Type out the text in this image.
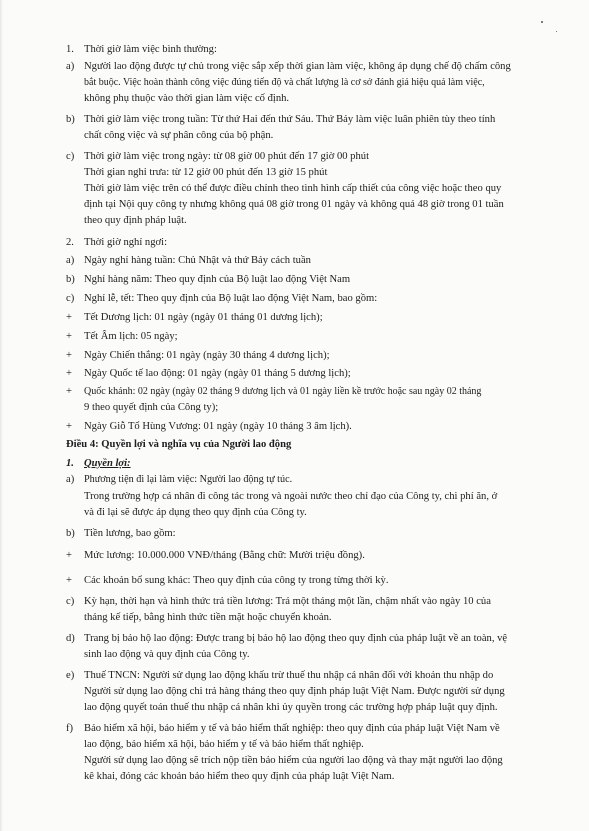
1. Thời giờ làm việc bình thường:
a) Người lao động được tự chủ trong việc sắp xếp thời gian làm việc, không áp dụng chế độ chấm công
bắt buộc. Việc hoàn thành công việc đúng tiến độ và chất lượng là cơ sở đánh giá hiệu quả làm việc,
không phụ thuộc vào thời gian làm việc cố định.
b) Thời giờ làm việc trong tuần: Từ thứ Hai đến thứ Sáu. Thứ Bảy làm việc luân phiên tùy theo tính
chất công việc và sự phân công của bộ phận.
c) Thời giờ làm việc trong ngày: từ 08 giờ 00 phút đến 17 giờ 00 phút
Thời gian nghỉ trưa: từ 12 giờ 00 phút đến 13 giờ 15 phút
Thời giờ làm việc trên có thể được điều chỉnh theo tình hình cấp thiết của công việc hoặc theo quy
định tại Nội quy công ty nhưng không quá 08 giờ trong 01 ngày và không quá 48 giờ trong 01 tuần
theo quy định pháp luật.
2. Thời giờ nghỉ ngơi:
a) Ngày nghỉ hàng tuần: Chủ Nhật và thứ Bảy cách tuần
b) Nghỉ hàng năm: Theo quy định của Bộ luật lao động Việt Nam
c) Nghỉ lễ, tết: Theo quy định của Bộ luật lao động Việt Nam, bao gồm:
+ Tết Dương lịch: 01 ngày (ngày 01 tháng 01 dương lịch);
+ Tết Âm lịch: 05 ngày;
+ Ngày Chiến thắng: 01 ngày (ngày 30 tháng 4 dương lịch);
+ Ngày Quốc tế lao động: 01 ngày (ngày 01 tháng 5 dương lịch);
+ Quốc khánh: 02 ngày (ngày 02 tháng 9 dương lịch và 01 ngày liền kề trước hoặc sau ngày 02 tháng
9 theo quyết định của Công ty);
+ Ngày Giỗ Tổ Hùng Vương: 01 ngày (ngày 10 tháng 3 âm lịch).
Điều 4: Quyền lợi và nghĩa vụ của Người lao động
1. Quyền lợi:
a) Phương tiện đi lại làm việc: Người lao động tự túc.
Trong trường hợp cá nhân đi công tác trong và ngoài nước theo chỉ đạo của Công ty, chi phí ăn, ở
và đi lại sẽ được áp dụng theo quy định của Công ty.
b) Tiền lương, bao gồm:
+ Mức lương: 10.000.000 VNĐ/tháng (Bằng chữ: Mười triệu đồng).
+ Các khoản bổ sung khác: Theo quy định của công ty trong từng thời kỳ.
c) Kỳ hạn, thời hạn và hình thức trả tiền lương: Trả một tháng một lần, chậm nhất vào ngày 10 của
tháng kế tiếp, bằng hình thức tiền mặt hoặc chuyển khoản.
d) Trang bị bảo hộ lao động: Được trang bị bảo hộ lao động theo quy định của pháp luật về an toàn, vệ
sinh lao động và quy định của Công ty.
e) Thuế TNCN: Người sử dụng lao động khấu trừ thuế thu nhập cá nhân đối với khoản thu nhập do
Người sử dụng lao động chi trả hàng tháng theo quy định pháp luật Việt Nam. Được người sử dụng
lao động quyết toán thuế thu nhập cá nhân khi ủy quyền trong các trường hợp pháp luật quy định.
f) Bảo hiểm xã hội, bảo hiểm y tế và bảo hiểm thất nghiệp: theo quy định của pháp luật Việt Nam về
lao động, bảo hiểm xã hội, bảo hiểm y tế và bảo hiểm thất nghiệp.
Người sử dụng lao động sẽ trích nộp tiền bảo hiểm của người lao động và thay mặt người lao động
kê khai, đóng các khoản bảo hiểm theo quy định của pháp luật Việt Nam.
